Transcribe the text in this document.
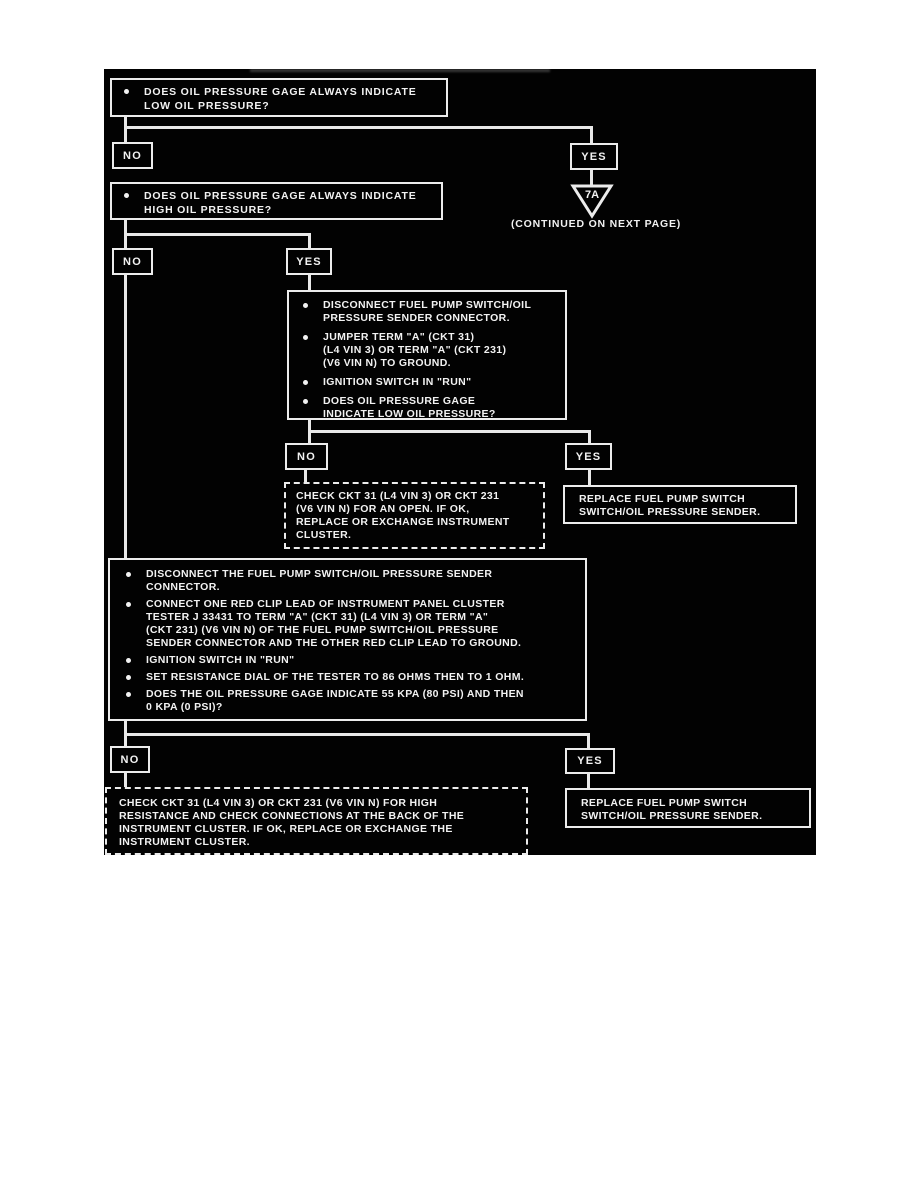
DOES OIL PRESSURE GAGE ALWAYS INDICATE
LOW OIL PRESSURE?
NO	YES
7A
(CONTINUED ON NEXT PAGE)
DOES OIL PRESSURE GAGE ALWAYS INDICATE
HIGH OIL PRESSURE?
NO	YES
DISCONNECT FUEL PUMP SWITCH/OIL
PRESSURE SENDER CONNECTOR.
JUMPER TERM "A" (CKT 31)
(L4 VIN 3) OR TERM "A" (CKT 231)
(V6 VIN N) TO GROUND.
IGNITION SWITCH IN "RUN"
DOES OIL PRESSURE GAGE
INDICATE LOW OIL PRESSURE?
NO	YES
CHECK CKT 31 (L4 VIN 3) OR CKT 231
(V6 VIN N) FOR AN OPEN. IF OK,
REPLACE OR EXCHANGE INSTRUMENT
CLUSTER.
REPLACE FUEL PUMP SWITCH
SWITCH/OIL PRESSURE SENDER.
DISCONNECT THE FUEL PUMP SWITCH/OIL PRESSURE SENDER
CONNECTOR.
CONNECT ONE RED CLIP LEAD OF INSTRUMENT PANEL CLUSTER
TESTER J 33431 TO TERM "A" (CKT 31) (L4 VIN 3) OR TERM "A"
(CKT 231) (V6 VIN N) OF THE FUEL PUMP SWITCH/OIL PRESSURE
SENDER CONNECTOR AND THE OTHER RED CLIP LEAD TO GROUND.
IGNITION SWITCH IN "RUN"
SET RESISTANCE DIAL OF THE TESTER TO 86 OHMS THEN TO 1 OHM.
DOES THE OIL PRESSURE GAGE INDICATE 55 KPA (80 PSI) AND THEN
0 KPA (0 PSI)?
NO	YES
CHECK CKT 31 (L4 VIN 3) OR CKT 231 (V6 VIN N) FOR HIGH
RESISTANCE AND CHECK CONNECTIONS AT THE BACK OF THE
INSTRUMENT CLUSTER. IF OK, REPLACE OR EXCHANGE THE
INSTRUMENT CLUSTER.
REPLACE FUEL PUMP SWITCH
SWITCH/OIL PRESSURE SENDER.
